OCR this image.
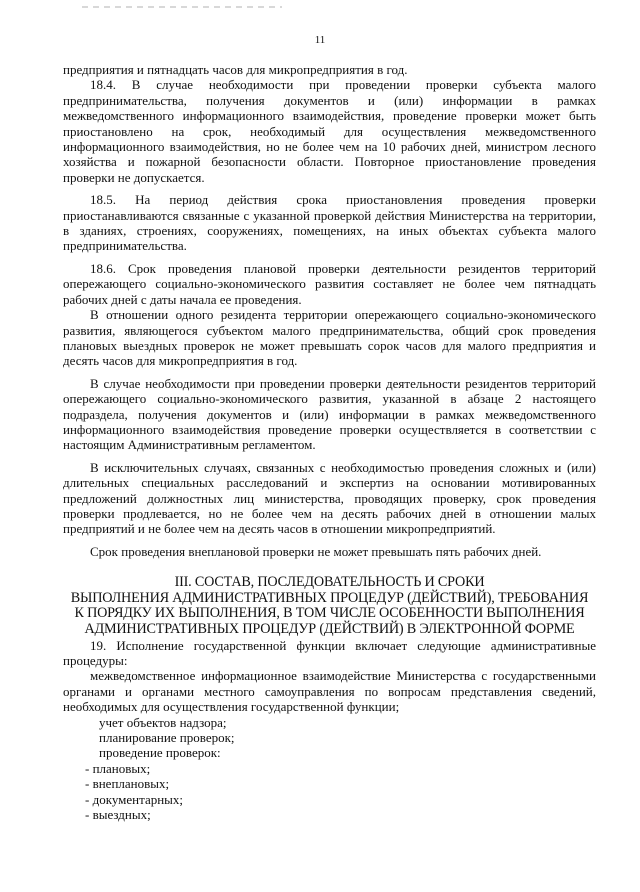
11

предприятия и пятнадцать часов для микропредприятия в год.

18.4. В случае необходимости при проведении проверки субъекта малого предпринимательства, получения документов и (или) информации в рамках межведомственного информационного взаимодействия, проведение проверки может быть приостановлено на срок, необходимый для осуществления межведомственного информационного взаимодействия, но не более чем на 10 рабочих дней, министром лесного хозяйства и пожарной безопасности области. Повторное приостановление проведения проверки не допускается.

18.5. На период действия срока приостановления проведения проверки приостанавливаются связанные с указанной проверкой действия Министерства на территории, в зданиях, строениях, сооружениях, помещениях, на иных объектах субъекта малого предпринимательства.

18.6. Срок проведения плановой проверки деятельности резидентов территорий опережающего социально-экономического развития составляет не более чем пятнадцать рабочих дней с даты начала ее проведения.

В отношении одного резидента территории опережающего социально-экономического развития, являющегося субъектом малого предпринимательства, общий срок проведения плановых выездных проверок не может превышать сорок часов для малого предприятия и десять часов для микропредприятия в год.

В случае необходимости при проведении проверки деятельности резидентов территорий опережающего социально-экономического развития, указанной в абзаце 2 настоящего подраздела, получения документов и (или) информации в рамках межведомственного информационного взаимодействия проведение проверки осуществляется в соответствии с настоящим Административным регламентом.

В исключительных случаях, связанных с необходимостью проведения сложных и (или) длительных специальных расследований и экспертиз на основании мотивированных предложений должностных лиц министерства, проводящих проверку, срок проведения проверки продлевается, но не более чем на десять рабочих дней в отношении малых предприятий и не более чем на десять часов в отношении микропредприятий.

Срок проведения внеплановой проверки не может превышать пять рабочих дней.

III. СОСТАВ, ПОСЛЕДОВАТЕЛЬНОСТЬ И СРОКИ
ВЫПОЛНЕНИЯ АДМИНИСТРАТИВНЫХ ПРОЦЕДУР (ДЕЙСТВИЙ), ТРЕБОВАНИЯ
К ПОРЯДКУ ИХ ВЫПОЛНЕНИЯ, В ТОМ ЧИСЛЕ ОСОБЕННОСТИ ВЫПОЛНЕНИЯ
АДМИНИСТРАТИВНЫХ ПРОЦЕДУР (ДЕЙСТВИЙ) В ЭЛЕКТРОННОЙ ФОРМЕ

19. Исполнение государственной функции включает следующие административные процедуры:

межведомственное информационное взаимодействие Министерства с государственными органами и органами местного самоуправления по вопросам представления сведений, необходимых для осуществления государственной функции;

учет объектов надзора;

планирование проверок;

проведение проверок:

- плановых;

- внеплановых;

- документарных;

- выездных;
